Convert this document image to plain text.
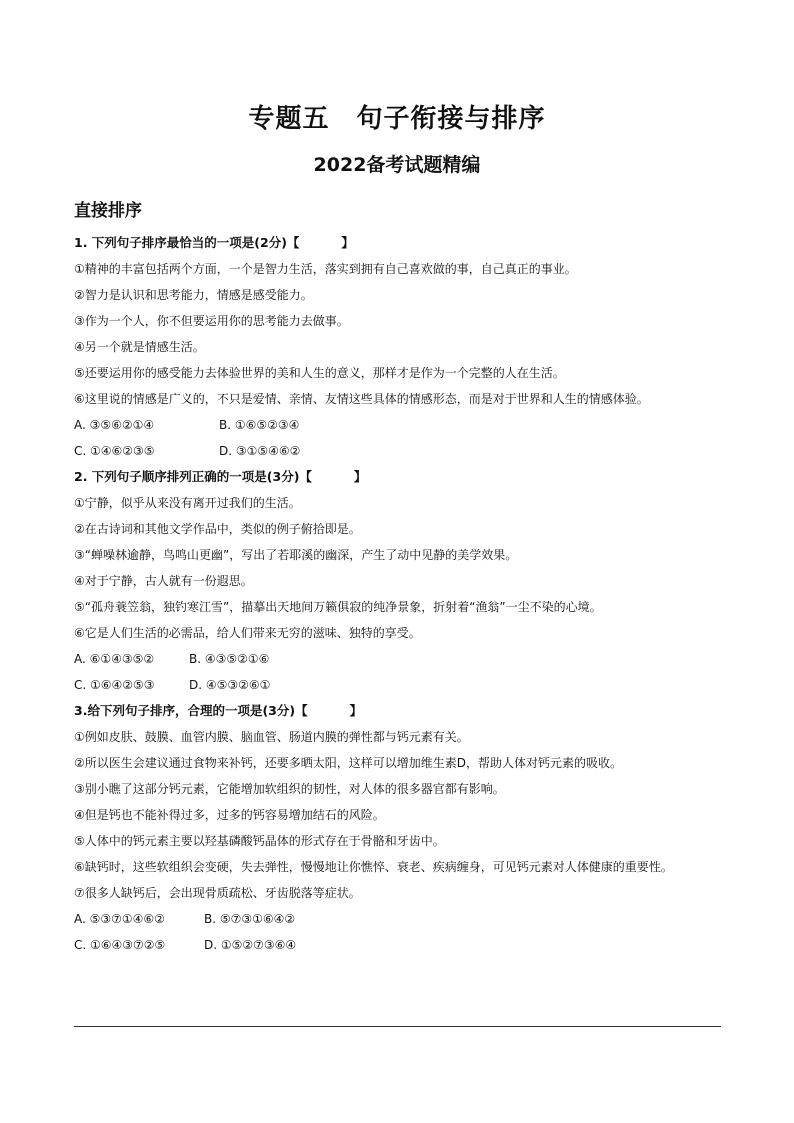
专题五　句子衔接与排序
2022备考试题精编
直接排序
1. 下列句子排序最恰当的一项是(2分)【	】
①精神的丰富包括两个方面，一个是智力生活，落实到拥有自己喜欢做的事，自己真正的事业。
②智力是认识和思考能力，情感是感受能力。
③作为一个人，你不但要运用你的思考能力去做事。
④另一个就是情感生活。
⑤还要运用你的感受能力去体验世界的美和人生的意义，那样才是作为一个完整的人在生活。
⑥这里说的情感是广义的，不只是爱情、亲情、友情这些具体的情感形态，而是对于世界和人生的情感体验。
A. ③⑤⑥②①④	B. ①⑥⑤②③④
C. ①④⑥②③⑤	D. ③①⑤④⑥②
2. 下列句子顺序排列正确的一项是(3分)【	】
①宁静，似乎从来没有离开过我们的生活。
②在古诗词和其他文学作品中，类似的例子俯拾即是。
③“蝉噪林逾静，鸟鸣山更幽”，写出了若耶溪的幽深，产生了动中见静的美学效果。
④对于宁静，古人就有一份遐思。
⑤“孤舟蓑笠翁，独钓寒江雪”，描摹出天地间万籁俱寂的纯净景象，折射着“渔翁”一尘不染的心境。
⑥它是人们生活的必需品，给人们带来无穷的滋味、独特的享受。
A. ⑥①④③⑤②	B. ④③⑤②①⑥
C. ①⑥④②⑤③	D. ④⑤③②⑥①
3.给下列句子排序，合理的一项是(3分)【	】
①例如皮肤、鼓膜、血管内膜、脑血管、肠道内膜的弹性都与钙元素有关。
②所以医生会建议通过食物来补钙，还要多晒太阳，这样可以增加维生素D，帮助人体对钙元素的吸收。
③别小瞧了这部分钙元素，它能增加软组织的韧性，对人体的很多器官都有影响。
④但是钙也不能补得过多，过多的钙容易增加结石的风险。
⑤人体中的钙元素主要以羟基磷酸钙晶体的形式存在于骨骼和牙齿中。
⑥缺钙时，这些软组织会变硬，失去弹性，慢慢地让你憔悴、衰老、疾病缠身，可见钙元素对人体健康的重要性。
⑦很多人缺钙后，会出现骨质疏松、牙齿脱落等症状。
A. ⑤③⑦①④⑥②	B. ⑤⑦③①⑥④②
C. ①⑥④③⑦②⑤	D. ①⑤②⑦③⑥④
